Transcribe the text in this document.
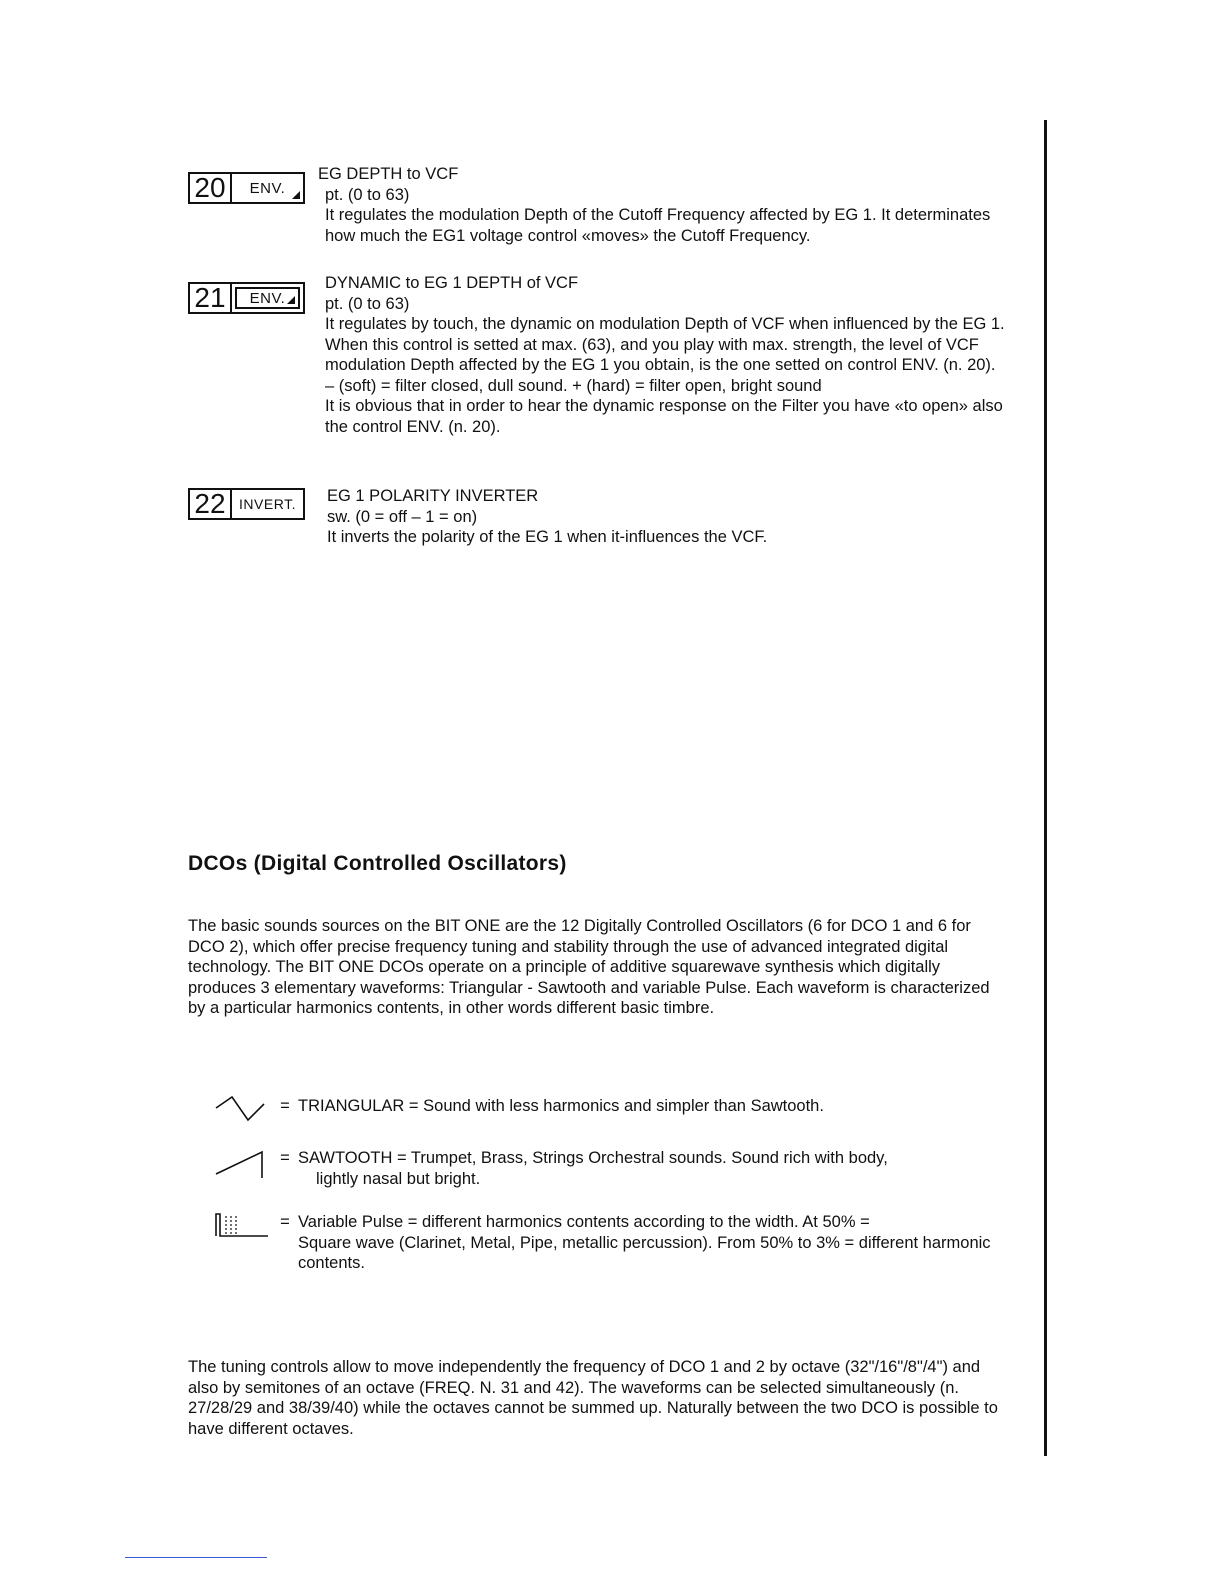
20	ENV.

EG DEPTH to VCF

pt. (0 to 63)

It regulates the modulation Depth of the Cutoff Frequency affected by EG 1. It determinates how much the EG1 voltage control «moves» the Cutoff Frequency.

21	ENV.

DYNAMIC to EG 1 DEPTH of VCF

pt. (0 to 63)

It regulates by touch, the dynamic on modulation Depth of VCF when influenced by the EG 1. When this control is setted at max. (63), and you play with max. strength, the level of VCF modulation Depth affected by the EG 1 you obtain, is the one setted on control ENV. (n. 20).

– (soft) = filter closed, dull sound. + (hard) = filter open, bright sound

It is obvious that in order to hear the dynamic response on the Filter you have «to open» also the control ENV. (n. 20).

22 INVERT. EG 1 POLARITY INVERTER

sw. (0 = off – 1 = on)

It inverts the polarity of the EG 1 when it-influences the VCF.

DCOs (Digital Controlled Oscillators)

The basic sounds sources on the BIT ONE are the 12 Digitally Controlled Oscillators (6 for DCO 1 and 6 for DCO 2), which offer precise frequency tuning and stability through the use of advanced integrated digital technology. The BIT ONE DCOs operate on a principle of additive squarewave synthesis which digitally produces 3 elementary waveforms: Triangular - Sawtooth and variable Pulse. Each waveform is characterized by a particular harmonics contents, in other words different basic timbre.

= TRIANGULAR = Sound with less harmonics and simpler than Sawtooth.
= SAWTOOTH = Trumpet, Brass, Strings Orchestral sounds. Sound rich with body,
lightly nasal but bright.
= Variable Pulse = different harmonics contents according to the width. At 50% =
Square wave (Clarinet, Metal, Pipe, metallic percussion). From 50% to 3% = different harmonic contents.

The tuning controls allow to move independently the frequency of DCO 1 and 2 by octave (32"/16"/8"/4") and also by semitones of an octave (FREQ. N. 31 and 42). The waveforms can be selected simultaneously (n. 27/28/29 and 38/39/40) while the octaves cannot be summed up. Naturally between the two DCO is possible to have different octaves.
